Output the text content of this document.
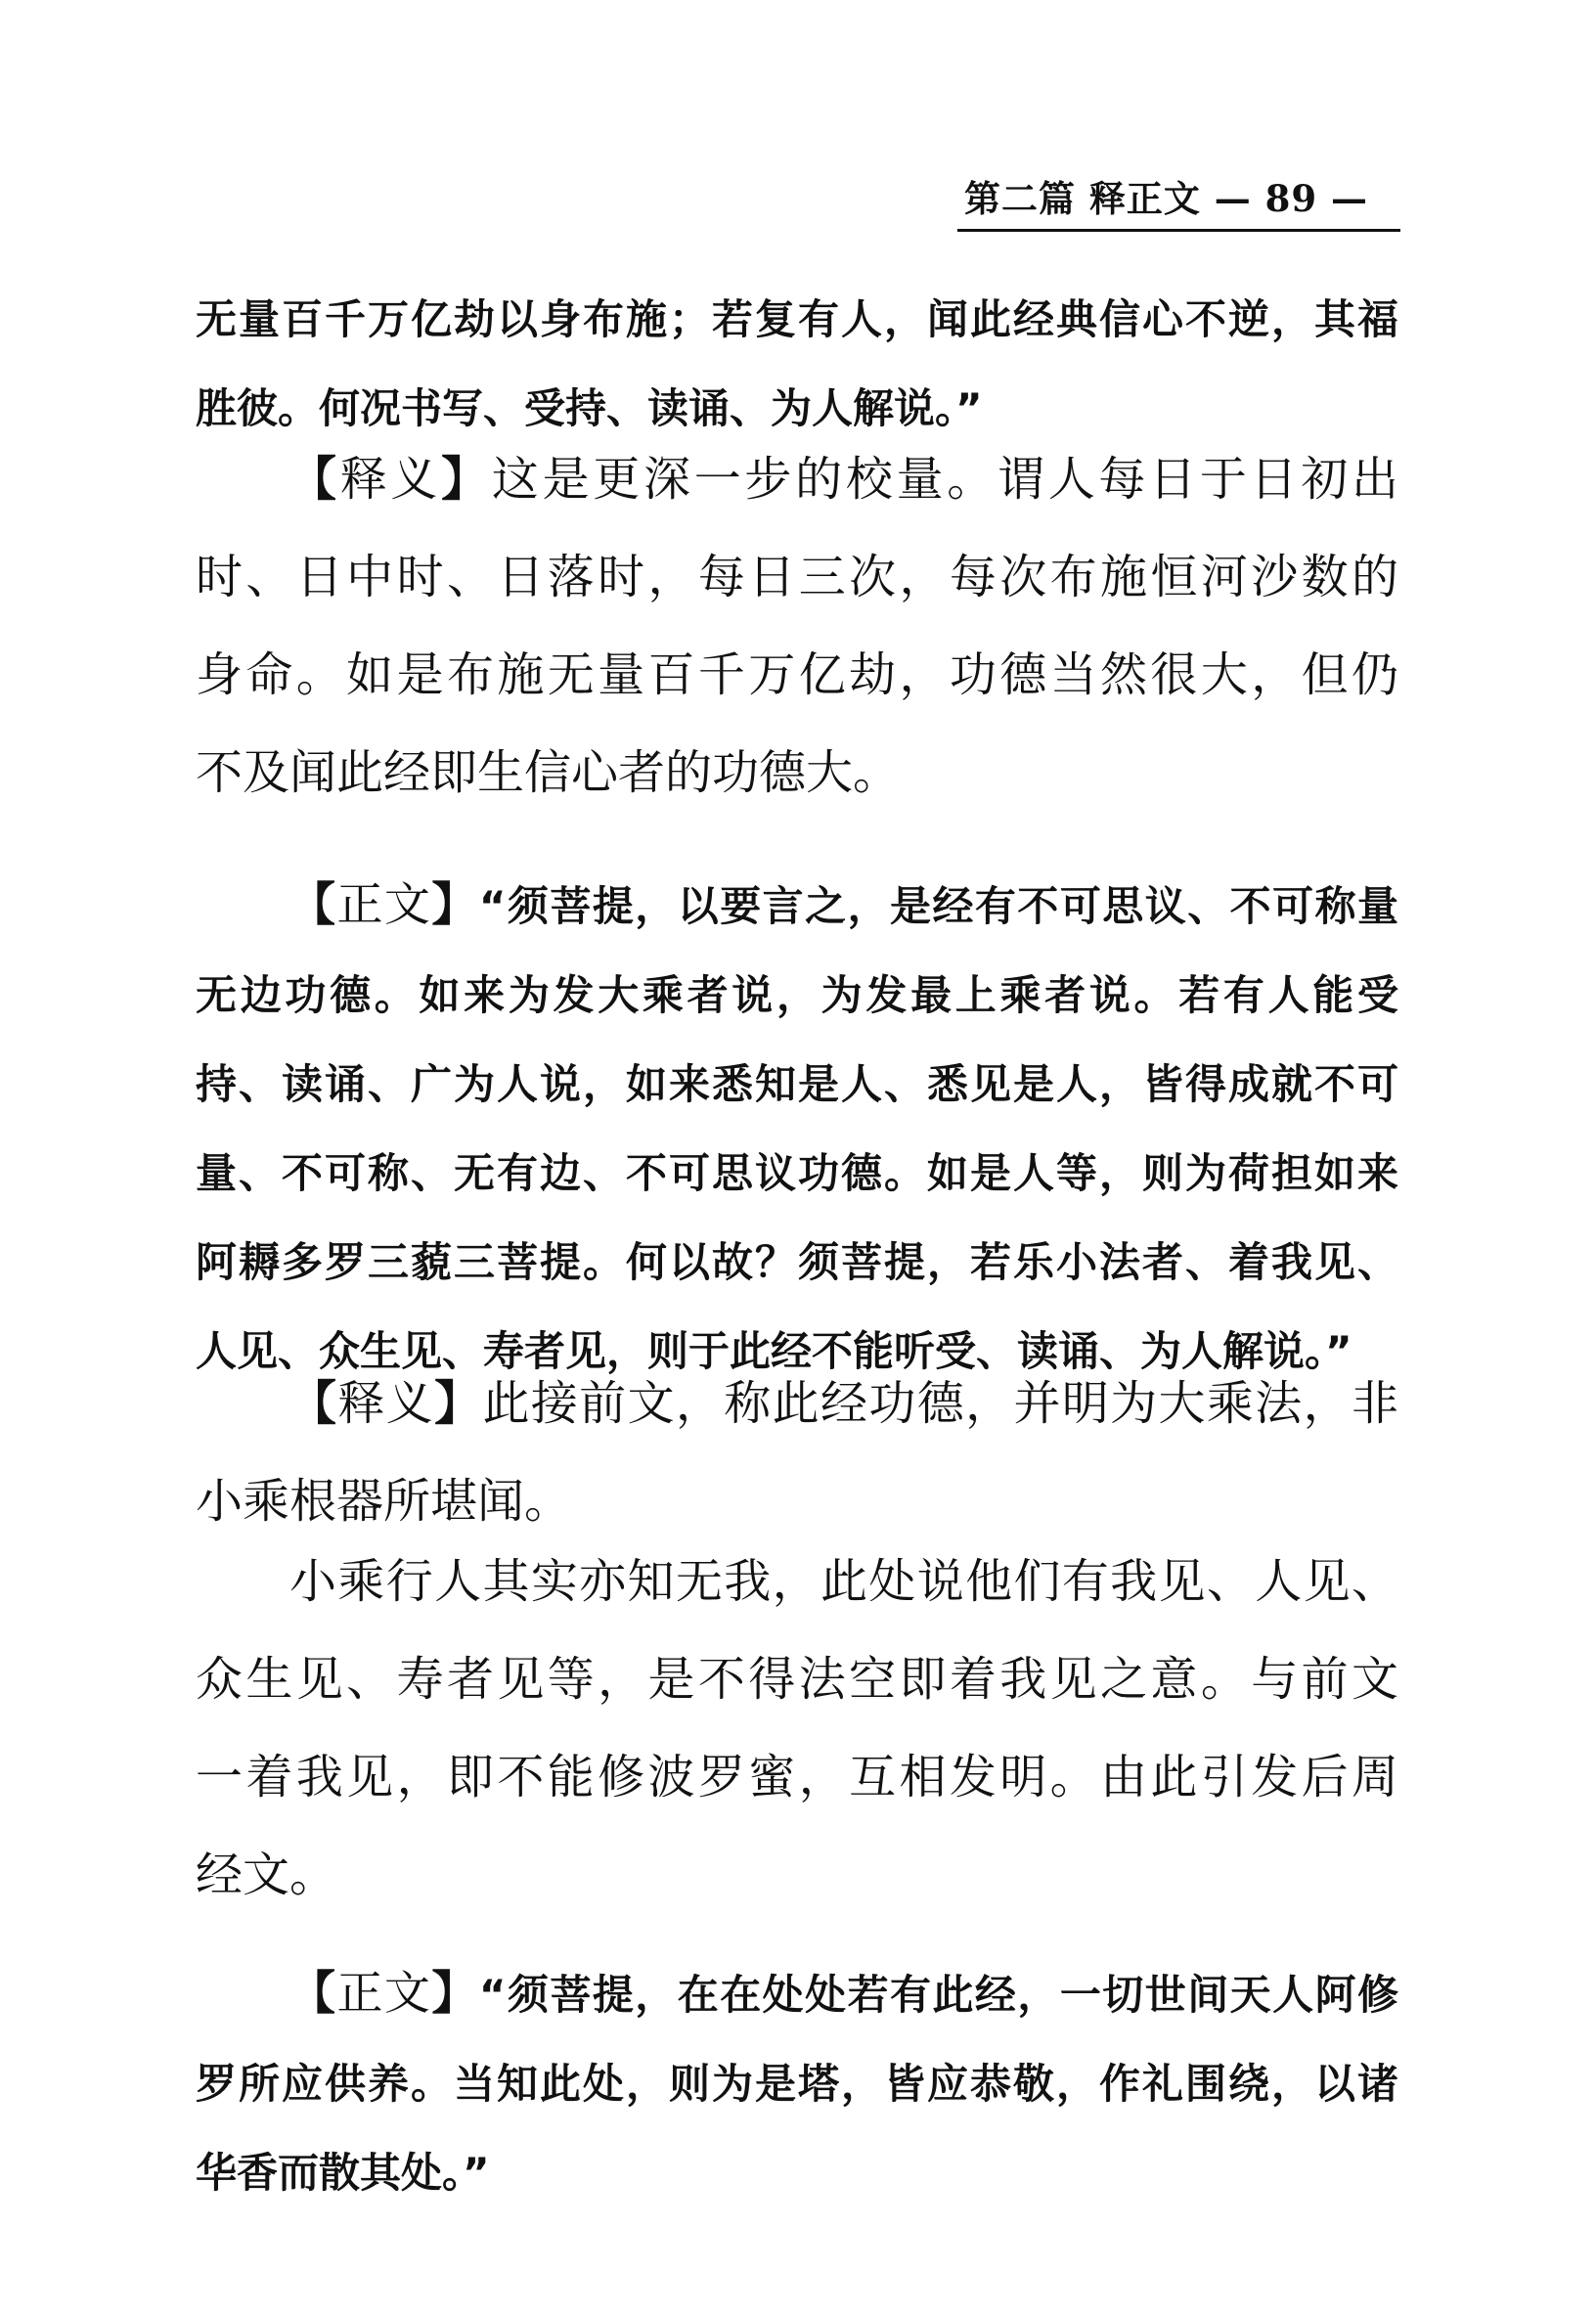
第二篇 释正文 — 89 —
无量百千万亿劫以身布施；若复有人，闻此经典信心不逆，其福
胜彼。何况书写、受持、读诵、为人解说。”
【释义】这是更深一步的校量。谓人每日于日初出
时、日中时、日落时，每日三次，每次布施恒河沙数的
身命。如是布施无量百千万亿劫，功德当然很大，但仍
不及闻此经即生信心者的功德大。
【正文】“须菩提，以要言之，是经有不可思议、不可称量
无边功德。如来为发大乘者说，为发最上乘者说。若有人能受
持、读诵、广为人说，如来悉知是人、悉见是人，皆得成就不可
量、不可称、无有边、不可思议功德。如是人等，则为荷担如来
阿耨多罗三藐三菩提。何以故？须菩提，若乐小法者、着我见、
人见、众生见、寿者见，则于此经不能听受、读诵、为人解说。”
【释义】此接前文，称此经功德，并明为大乘法，非
小乘根器所堪闻。
小乘行人其实亦知无我，此处说他们有我见、人见、
众生见、寿者见等，是不得法空即着我见之意。与前文
一着我见，即不能修波罗蜜，互相发明。由此引发后周
经文。
【正文】“须菩提，在在处处若有此经，一切世间天人阿修
罗所应供养。当知此处，则为是塔，皆应恭敬，作礼围绕，以诸
华香而散其处。”
